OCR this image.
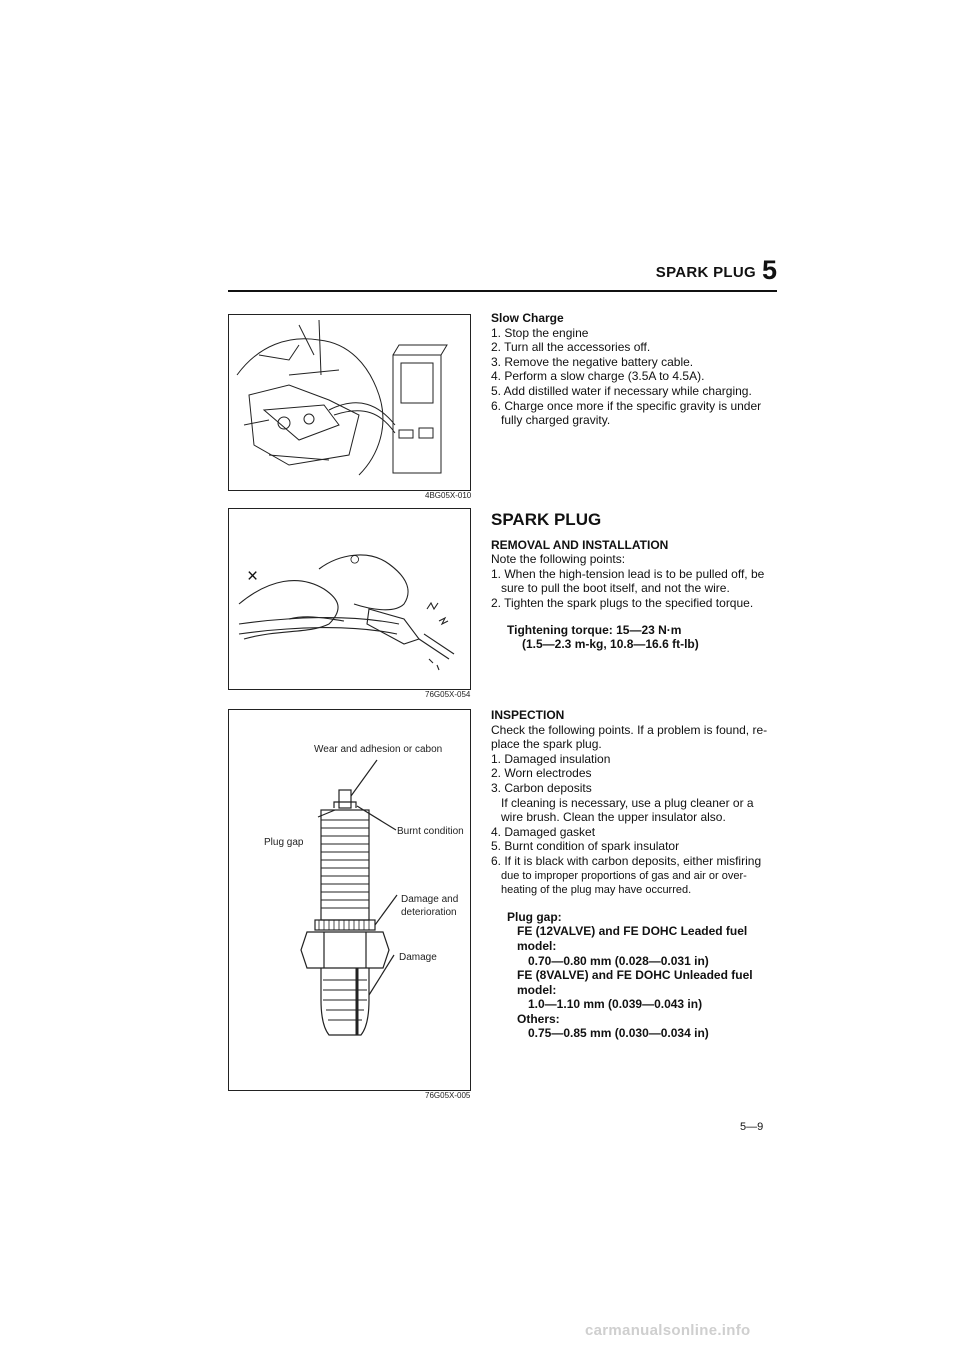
SPARK PLUG 5
4BG05X-010
×
○
76G05X-054
Wear and adhesion or cabon
Burnt condition
Plug gap
Damage and
deterioration
Damage
76G05X-005
Slow Charge
1. Stop the engine
2. Turn all the accessories off.
3. Remove the negative battery cable.
4. Perform a slow charge (3.5A to 4.5A).
5. Add distilled water if necessary while charging.
6. Charge once more if the specific gravity is under
fully charged gravity.
SPARK PLUG
REMOVAL AND INSTALLATION
Note the following points:
1. When the high-tension lead is to be pulled off, be
sure to pull the boot itself, and not the wire.
2. Tighten the spark plugs to the specified torque.
Tightening torque: 15—23 N·m
(1.5—2.3 m-kg, 10.8—16.6 ft-lb)
INSPECTION
Check the following points. If a problem is found, re-
place the spark plug.
1. Damaged insulation
2. Worn electrodes
3. Carbon deposits
If cleaning is necessary, use a plug cleaner or a
wire brush. Clean the upper insulator also.
4. Damaged gasket
5. Burnt condition of spark insulator
6. If it is black with carbon deposits, either misfiring
due to improper proportions of gas and air or over-
heating of the plug may have occurred.
Plug gap:
FE (12VALVE) and FE DOHC Leaded fuel
model:
0.70—0.80 mm (0.028—0.031 in)
FE (8VALVE) and FE DOHC Unleaded fuel
model:
1.0—1.10 mm (0.039—0.043 in)
Others:
0.75—0.85 mm (0.030—0.034 in)
5—9
carmanualsonline.info
